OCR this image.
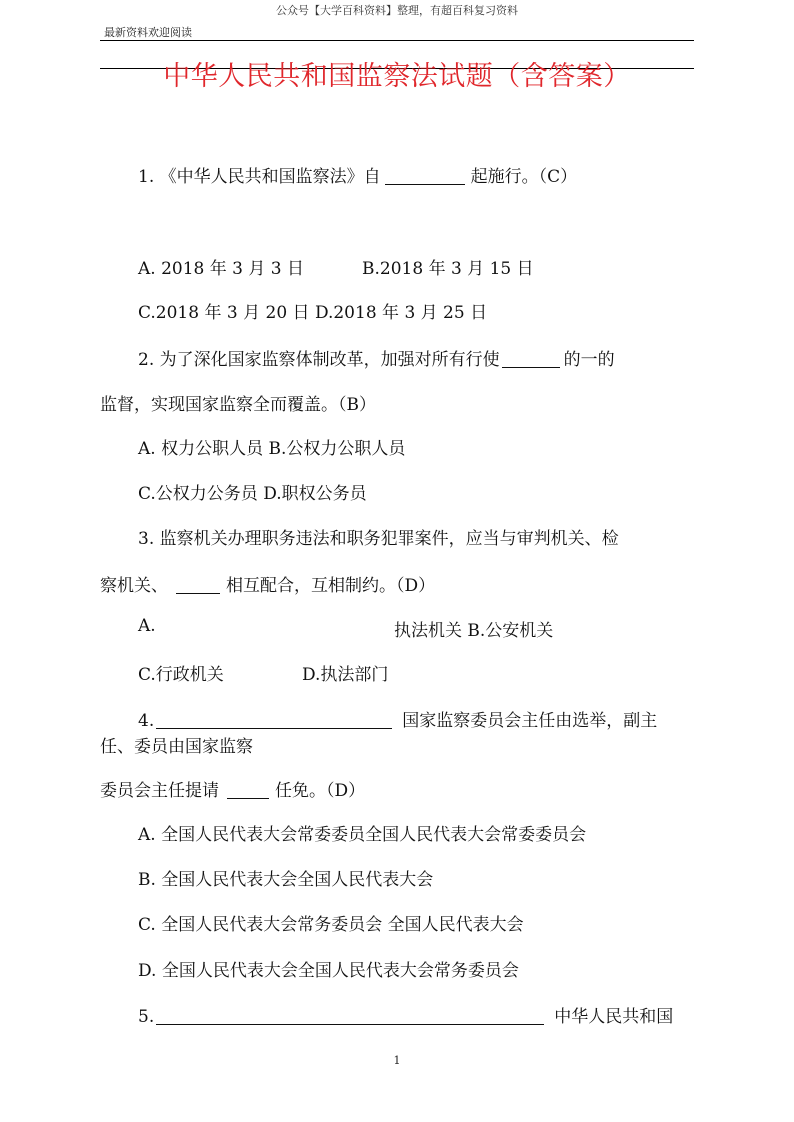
公众号【大学百科资料】整理，有超百科复习资料
最新资料欢迎阅读
中华人民共和国监察法试题（含答案）
1. 《中华人民共和国监察法》自	起施行。（C）
A. 2018 年 3 月 3 日	B.2018 年 3 月 15 日
C.2018 年 3 月 20 日 D.2018 年 3 月 25 日
2. 为了深化国家监察体制改革，加强对所有行使	的一的
监督，实现国家监察全而覆盖。（B）
A. 权力公职人员 B.公权力公职人员
C.公权力公务员 D.职权公务员
3. 监察机关办理职务违法和职务犯罪案件，应当与审判机关、检
察机关、	相互配合，互相制约。（D）
A.	执法机关 B.公安机关
C.行政机关	D.执法部门
4.	国家监察委员会主任由选举，副主
任、委员由国家监察
委员会主任提请	任免。（D）
A. 全国人民代表大会常委委员全国人民代表大会常委委员会
B. 全国人民代表大会全国人民代表大会
C. 全国人民代表大会常务委员会 全国人民代表大会
D. 全国人民代表大会全国人民代表大会常务委员会
5.	中华人民共和国
1
